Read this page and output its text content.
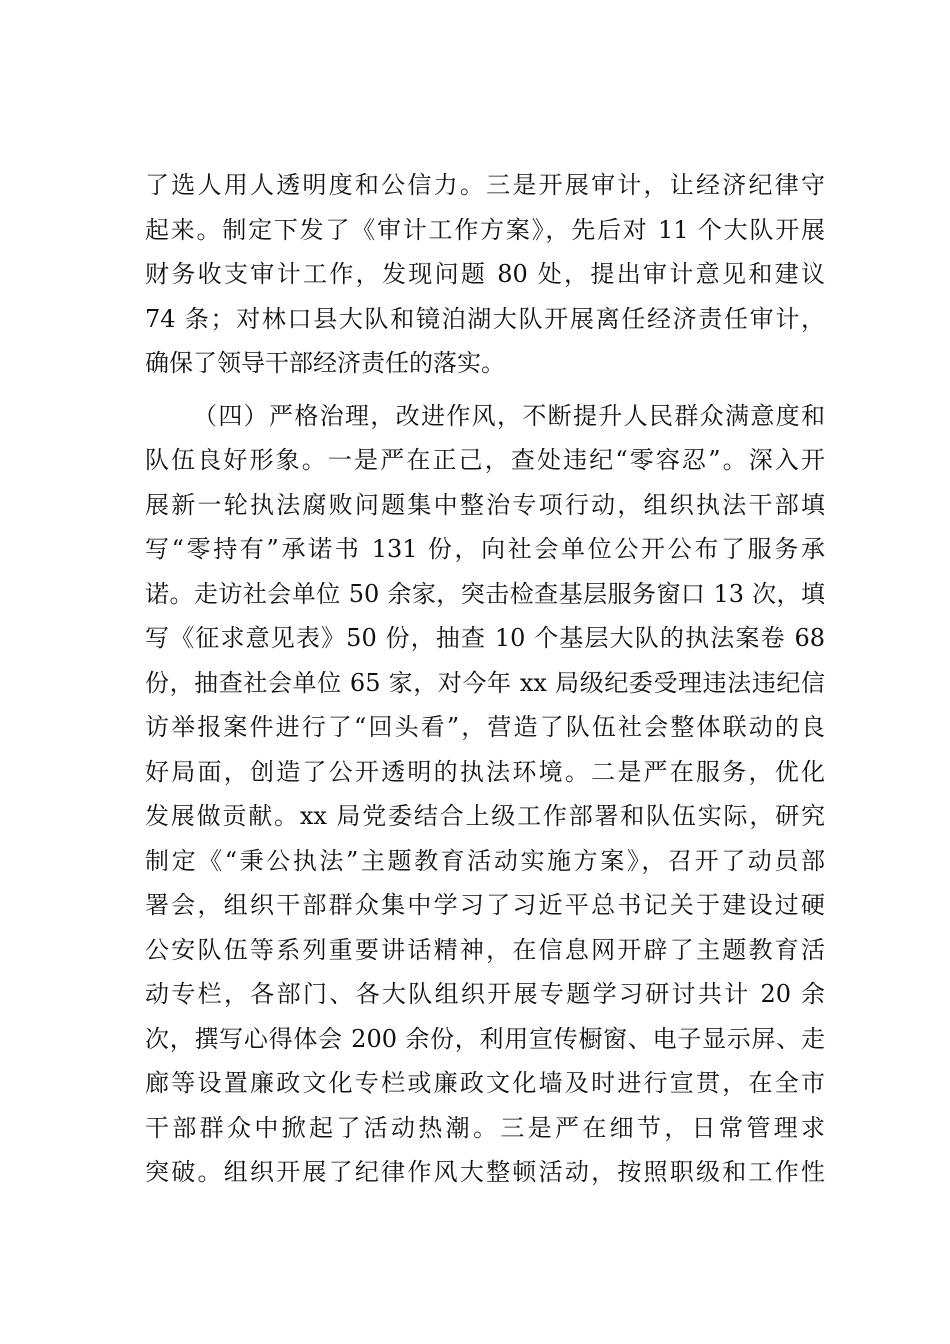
了选人用人透明度和公信力。三是开展审计，让经济纪律守
起来。制定下发了《审计工作方案》，先后对 11 个大队开展
财务收支审计工作，发现问题 80 处，提出审计意见和建议
74 条；对林口县大队和镜泊湖大队开展离任经济责任审计，
确保了领导干部经济责任的落实。
（四）严格治理，改进作风，不断提升人民群众满意度和
队伍良好形象。一是严在正己，查处违纪“零容忍”。深入开
展新一轮执法腐败问题集中整治专项行动，组织执法干部填
写“零持有”承诺书 131 份，向社会单位公开公布了服务承
诺。走访社会单位 50 余家，突击检查基层服务窗口 13 次，填
写《征求意见表》50 份，抽查 10 个基层大队的执法案卷 68
份，抽查社会单位 65 家，对今年 xx 局级纪委受理违法违纪信
访举报案件进行了“回头看”，营造了队伍社会整体联动的良
好局面，创造了公开透明的执法环境。二是严在服务，优化
发展做贡献。xx 局党委结合上级工作部署和队伍实际，研究
制定《“秉公执法”主题教育活动实施方案》，召开了动员部
署会，组织干部群众集中学习了习近平总书记关于建设过硬
公安队伍等系列重要讲话精神，在信息网开辟了主题教育活
动专栏，各部门、各大队组织开展专题学习研讨共计 20 余
次，撰写心得体会 200 余份，利用宣传橱窗、电子显示屏、走
廊等设置廉政文化专栏或廉政文化墙及时进行宣贯，在全市
干部群众中掀起了活动热潮。三是严在细节，日常管理求
突破。组织开展了纪律作风大整顿活动，按照职级和工作性
